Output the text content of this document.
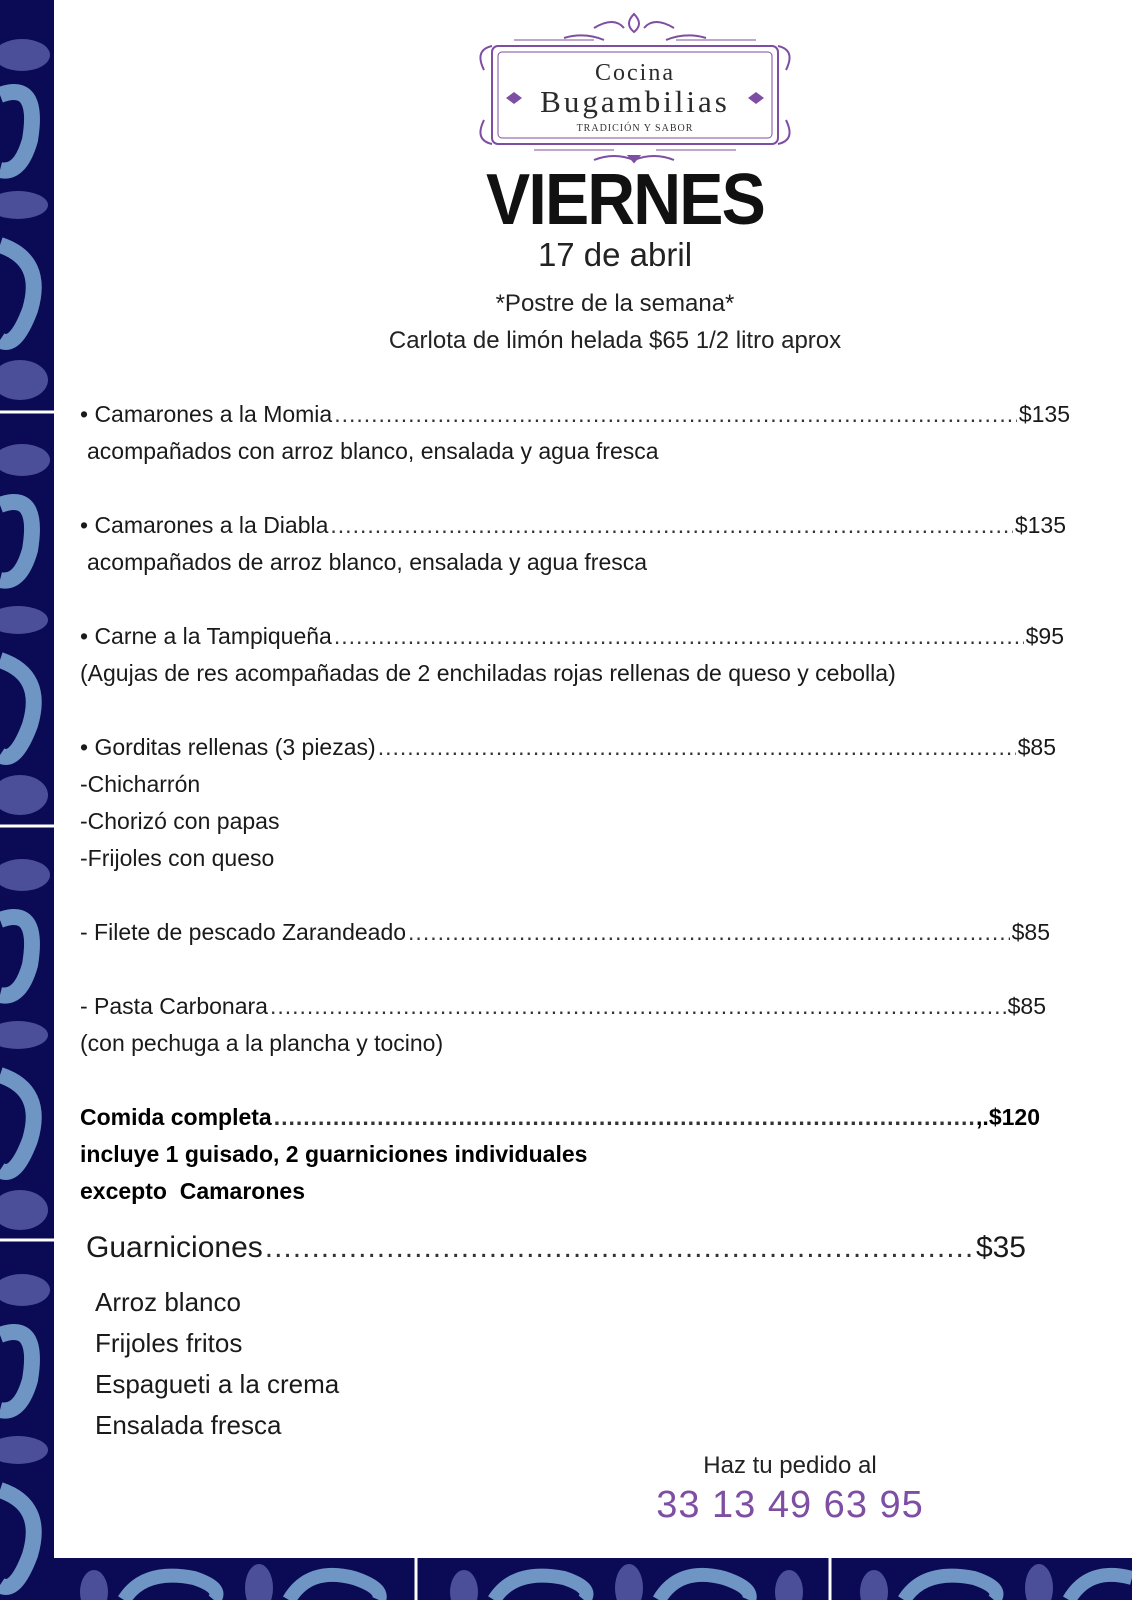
Cocina
Bugambilias
TRADICIÓN Y SABOR
VIERNES
17 de abril
*Postre de la semana*
Carlota de limón helada $65 1/2 litro aprox
• Camarones a la Momia .....	$135
acompañados con arroz blanco, ensalada y agua fresca
• Camarones a la Diabla .....	$135
acompañados de arroz blanco, ensalada y agua fresca
• Carne a la Tampiqueña .....	$95
(Agujas de res acompañadas de 2 enchiladas rojas rellenas de queso y cebolla)
• Gorditas rellenas (3 piezas) .....	$85
-Chicharrón
-Chorizó con papas
-Frijoles con queso
- Filete de pescado Zarandeado .....	$85
- Pasta Carbonara .....	$85
(con pechuga a la plancha y tocino)
Comida completa .....	,.$120
incluye 1 guisado, 2 guarniciones individuales
excepto  Camarones
Guarniciones .....	$35
Arroz blanco
Frijoles fritos
Espagueti a la crema
Ensalada fresca
Haz tu pedido al
33 13 49 63 95
